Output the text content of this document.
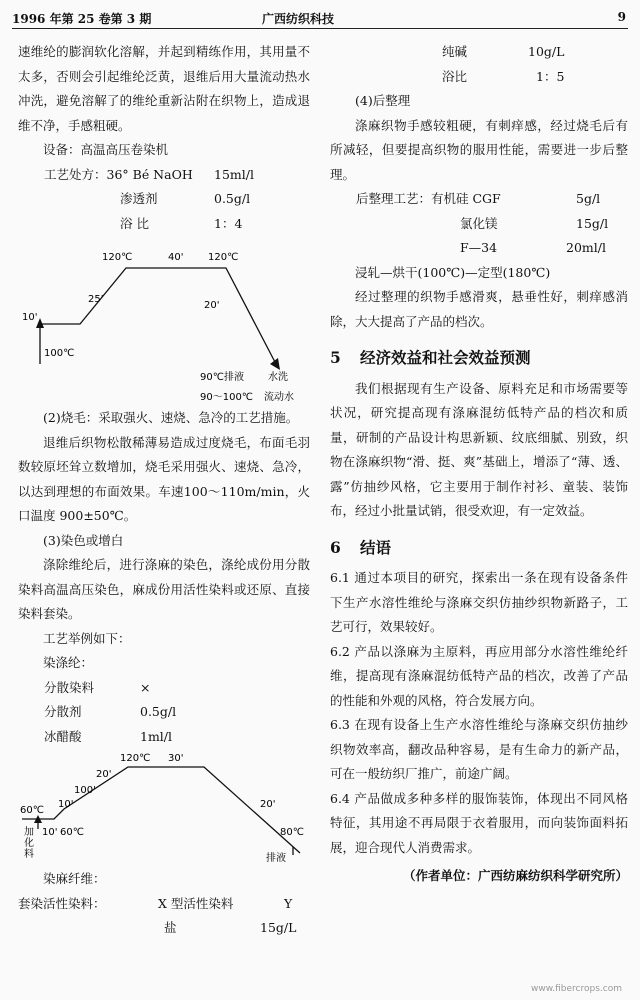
1996 年第 25 卷第 3 期	广西纺织科技	9

速维纶的膨润软化溶解，并起到精练作用，其用量不太多，否则会引起维纶泛黄，退维后用大量流动热水冲洗，避免溶解了的维纶重新沾附在织物上，造成退维不净，手感粗硬。

设备：高温高压卷染机

工艺处方：36° Bé NaOH	15ml/l
渗透剂	0.5g/l
浴 比	1：4
10'
25'
120℃	40' 120℃
20'
100℃
90℃排液
90～100℃
水洗
流动水

(2)烧毛：采取强火、速烧、急冷的工艺措施。

退维后织物松散稀薄易造成过度烧毛，布面毛羽数较原坯耸立数增加，烧毛采用强火、速烧、急冷，以达到理想的布面效果。车速100～110m/min，火口温度 900±50℃。

(3)染色或增白

涤除维纶后，进行涤麻的染色，涤纶成份用分散染料高温高压染色，麻成份用活性染料或还原、直接染料套染。

工艺举例如下：

染涤纶：

分散染料	×
分散剂	0.5g/l
冰醋酸	1ml/l
120℃ 30'
20'
20'
100'
10'
60℃
10' 60℃	80℃
加化料	排液

染麻纤维：

套染活性染料：	X 型活性染料	Y
盐	15g/L
纯碱	10g/L
浴比	1：5

(4)后整理

涤麻织物手感较粗硬，有刺痒感，经过烧毛后有所减轻，但要提高织物的服用性能，需要进一步后整理。

后整理工艺：有机硅 CGF	5g/l
氯化镁	15g/l
F—34	20ml/l

浸轧—烘干(100℃)—定型(180℃)

经过整理的织物手感滑爽，悬垂性好，刺痒感消除，大大提高了产品的档次。

5 经济效益和社会效益预测

我们根据现有生产设备、原料充足和市场需要等状况，研究提高现有涤麻混纺低特产品的档次和质量，研制的产品设计构思新颖、纹底细腻、别致，织物在涤麻织物“滑、挺、爽”基础上，增添了“薄、透、露”仿抽纱风格，它主要用于制作衬衫、童装、装饰布，经过小批量试销，很受欢迎，有一定效益。

6 结语

6.1 通过本项目的研究，探索出一条在现有设备条件下生产水溶性维纶与涤麻交织仿抽纱织物新路子，工艺可行，效果较好。

6.2 产品以涤麻为主原料，再应用部分水溶性维纶纤维，提高现有涤麻混纺低特产品的档次，改善了产品的性能和外观的风格，符合发展方向。

6.3 在现有设备上生产水溶性维纶与涤麻交织仿抽纱织物效率高，翻改品种容易，是有生命力的新产品，可在一般纺织厂推广，前途广阔。

6.4 产品做成多种多样的服饰装饰，体现出不同风格特征，其用途不再局限于衣着服用，而向装饰面料拓展，迎合现代人消费需求。

（作者单位：广西纺麻纺织科学研究所）

www.fibercrops.com
